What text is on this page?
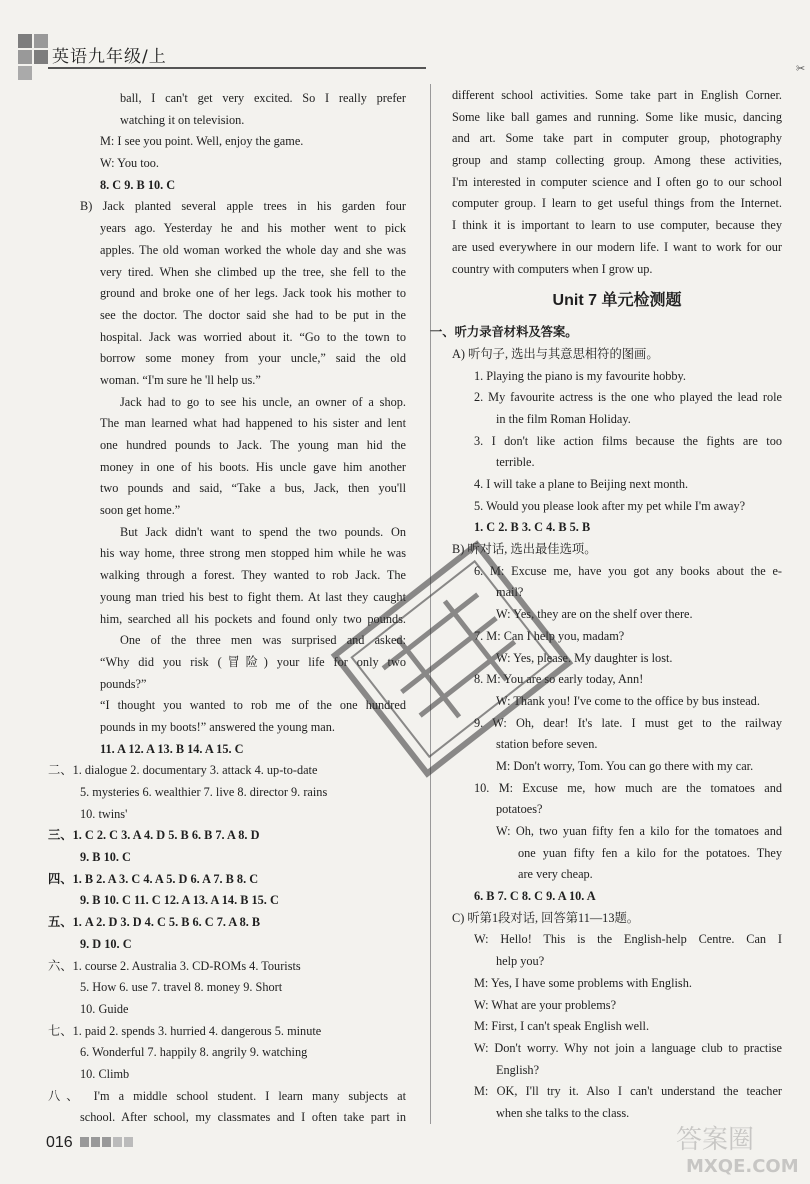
英语九年级/上
ball, I can't get very excited. So I really prefer
watching it on television.
M: I see you point. Well, enjoy the game.
W: You too.
8. C 9. B 10. C
B) Jack planted several apple trees in his garden four
years ago. Yesterday he and his mother went to pick
apples. The old woman worked the whole day and she was
very tired. When she climbed up the tree, she fell to the
ground and broke one of her legs. Jack took his mother to
see the doctor. The doctor said she had to be put in the
hospital. Jack was worried about it. “Go to the town to
borrow some money from your uncle,” said the old
woman. “I'm sure he 'll help us.”
Jack had to go to see his uncle, an owner of a shop.
The man learned what had happened to his sister and lent
one hundred pounds to Jack. The young man hid the
money in one of his boots. His uncle gave him another
two pounds and said, “Take a bus, Jack, then you'll
soon get home.”
But Jack didn't want to spend the two pounds. On
his way home, three strong men stopped him while he was
walking through a forest. They wanted to rob Jack. The
young man tried his best to fight them. At last they caught
him, searched all his pockets and found only two pounds.
One of the three men was surprised and asked:
“Why did you risk (冒险) your life for only two
pounds?”
“I thought you wanted to rob me of the one hundred
pounds in my boots!” answered the young man.
11. A 12. A 13. B 14. A 15. C
二、1. dialogue 2. documentary 3. attack 4. up-to-date
5. mysteries 6. wealthier 7. live 8. director 9. rains
10. twins'
三、1. C 2. C 3. A 4. D 5. B 6. B 7. A 8. D
9. B 10. C
四、1. B 2. A 3. C 4. A 5. D 6. A 7. B 8. C
9. B 10. C 11. C 12. A 13. A 14. B 15. C
五、1. A 2. D 3. D 4. C 5. B 6. C 7. A 8. B
9. D 10. C
六、1. course 2. Australia 3. CD-ROMs 4. Tourists
5. How 6. use 7. travel 8. money 9. Short
10. Guide
七、1. paid 2. spends 3. hurried 4. dangerous 5. minute
6. Wonderful 7. happily 8. angrily 9. watching
10. Climb
八、 I'm a middle school student. I learn many subjects at
school. After school, my classmates and I often take part in
different school activities. Some take part in English Corner.
Some like ball games and running. Some like music, dancing
and art. Some take part in computer group, photography
group and stamp collecting group. Among these activities,
I'm interested in computer science and I often go to our school
computer group. I learn to get useful things from the Internet.
I think it is important to learn to use computer, because they
are used everywhere in our modern life. I want to work for our
country with computers when I grow up.
Unit 7 单元检测题
一、听力录音材料及答案。
A) 听句子, 选出与其意思相符的图画。
1. Playing the piano is my favourite hobby.
2. My favourite actress is the one who played the lead role
in the film Roman Holiday.
3. I don't like action films because the fights are too
terrible.
4. I will take a plane to Beijing next month.
5. Would you please look after my pet while I'm away?
1. C 2. B 3. C 4. B 5. B
B) 听对话, 选出最佳选项。
6. M: Excuse me, have you got any books about the e-
mail?
W: Yes, they are on the shelf over there.
7. M: Can I help you, madam?
W: Yes, please. My daughter is lost.
8. M: You are so early today, Ann!
W: Thank you! I've come to the office by bus instead.
9. W: Oh, dear! It's late. I must get to the railway
station before seven.
M: Don't worry, Tom. You can go there with my car.
10. M: Excuse me, how much are the tomatoes and
potatoes?
W: Oh, two yuan fifty fen a kilo for the tomatoes and
one yuan fifty fen a kilo for the potatoes. They
are very cheap.
6. B 7. C 8. C 9. A 10. A
C) 听第1段对话, 回答第11—13题。
W: Hello! This is the English-help Centre. Can I
help you?
M: Yes, I have some problems with English.
W: What are your problems?
M: First, I can't speak English well.
W: Don't worry. Why not join a language club to practise
English?
M: OK, I'll try it. Also I can't understand the teacher
when she talks to the class.
✂
016	答案圈
MXQE.COM
